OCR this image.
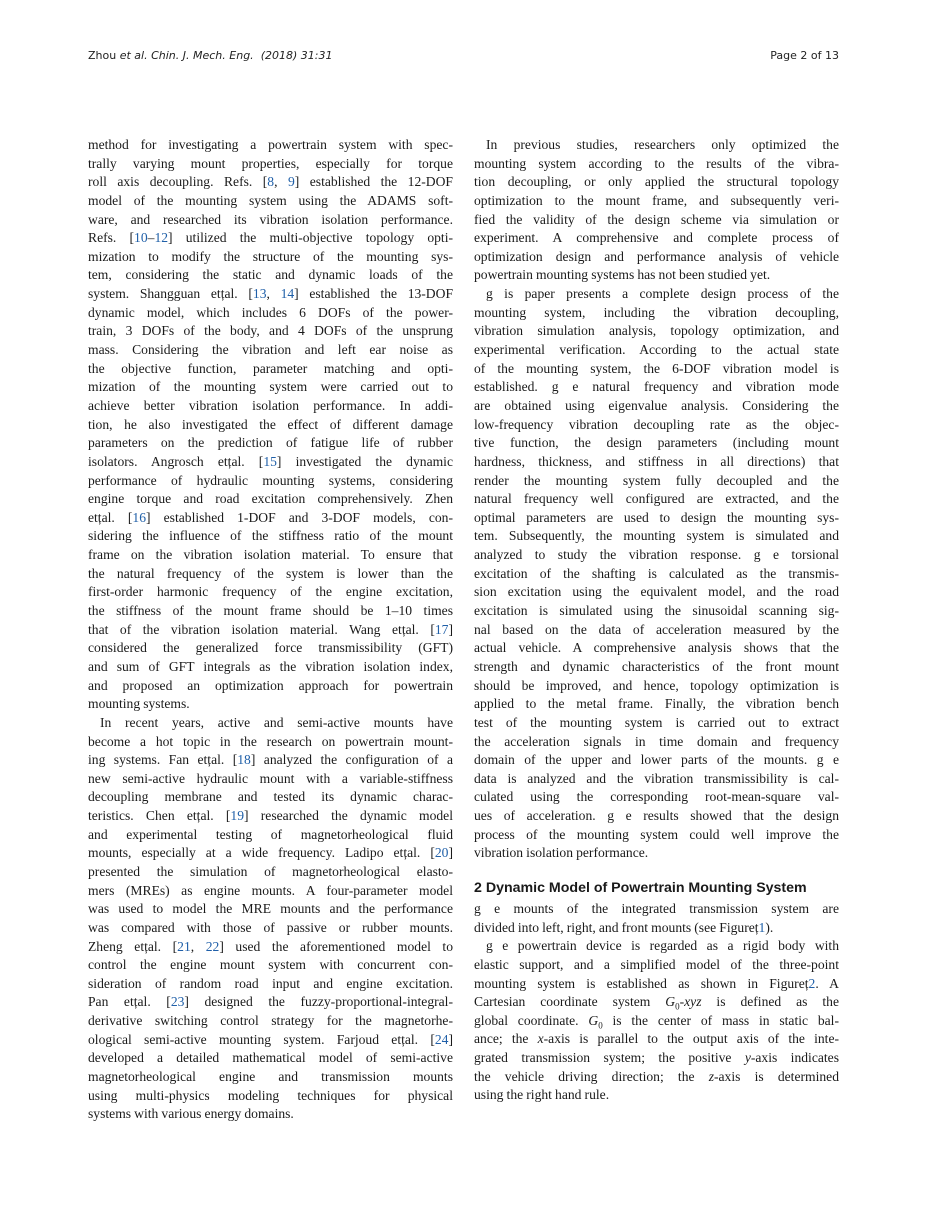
Zhou et al. Chin. J. Mech. Eng. (2018) 31:31	Page 2 of 13
method for investigating a powertrain system with spec-
trally varying mount properties, especially for torque
roll axis decoupling. Refs. [8, 9] established the 12-DOF
model of the mounting system using the ADAMS soft-
ware, and researched its vibration isolation performance.
Refs. [10–12] utilized the multi-objective topology opti-
mization to modify the structure of the mounting sys-
tem, considering the static and dynamic loads of the
system. Shangguan etțal. [13, 14] established the 13-DOF
dynamic model, which includes 6 DOFs of the power-
train, 3 DOFs of the body, and 4 DOFs of the unsprung
mass. Considering the vibration and left ear noise as
the objective function, parameter matching and opti-
mization of the mounting system were carried out to
achieve better vibration isolation performance. In addi-
tion, he also investigated the effect of different damage
parameters on the prediction of fatigue life of rubber
isolators. Angrosch etțal. [15] investigated the dynamic
performance of hydraulic mounting systems, considering
engine torque and road excitation comprehensively. Zhen
etțal. [16] established 1-DOF and 3-DOF models, con-
sidering the influence of the stiffness ratio of the mount
frame on the vibration isolation material. To ensure that
the natural frequency of the system is lower than the
first-order harmonic frequency of the engine excitation,
the stiffness of the mount frame should be 1–10 times
that of the vibration isolation material. Wang etțal. [17]
considered the generalized force transmissibility (GFT)
and sum of GFT integrals as the vibration isolation index,
and proposed an optimization approach for powertrain
mounting systems.
In recent years, active and semi-active mounts have
become a hot topic in the research on powertrain mount-
ing systems. Fan etțal. [18] analyzed the configuration of a
new semi-active hydraulic mount with a variable-stiffness
decoupling membrane and tested its dynamic charac-
teristics. Chen etțal. [19] researched the dynamic model
and experimental testing of magnetorheological fluid
mounts, especially at a wide frequency. Ladipo etțal. [20]
presented the simulation of magnetorheological elasto-
mers (MREs) as engine mounts. A four-parameter model
was used to model the MRE mounts and the performance
was compared with those of passive or rubber mounts.
Zheng etțal. [21, 22] used the aforementioned model to
control the engine mount system with concurrent con-
sideration of random road input and engine excitation.
Pan etțal. [23] designed the fuzzy-proportional-integral-
derivative switching control strategy for the magnetorhe-
ological semi-active mounting system. Farjoud etțal. [24]
developed a detailed mathematical model of semi-active
magnetorheological engine and transmission mounts
using multi-physics modeling techniques for physical
systems with various energy domains.
In previous studies, researchers only optimized the
mounting system according to the results of the vibra-
tion decoupling, or only applied the structural topology
optimization to the mount frame, and subsequently veri-
fied the validity of the design scheme via simulation or
experiment. A comprehensive and complete process of
optimization design and performance analysis of vehicle
powertrain mounting systems has not been studied yet.
g is paper presents a complete design process of the
mounting system, including the vibration decoupling,
vibration simulation analysis, topology optimization, and
experimental verification. According to the actual state
of the mounting system, the 6-DOF vibration model is
established. g e natural frequency and vibration mode
are obtained using eigenvalue analysis. Considering the
low-frequency vibration decoupling rate as the objec-
tive function, the design parameters (including mount
hardness, thickness, and stiffness in all directions) that
render the mounting system fully decoupled and the
natural frequency well configured are extracted, and the
optimal parameters are used to design the mounting sys-
tem. Subsequently, the mounting system is simulated and
analyzed to study the vibration response. g e torsional
excitation of the shafting is calculated as the transmis-
sion excitation using the equivalent model, and the road
excitation is simulated using the sinusoidal scanning sig-
nal based on the data of acceleration measured by the
actual vehicle. A comprehensive analysis shows that the
strength and dynamic characteristics of the front mount
should be improved, and hence, topology optimization is
applied to the metal frame. Finally, the vibration bench
test of the mounting system is carried out to extract
the acceleration signals in time domain and frequency
domain of the upper and lower parts of the mounts. g e
data is analyzed and the vibration transmissibility is cal-
culated using the corresponding root-mean-square val-
ues of acceleration. g e results showed that the design
process of the mounting system could well improve the
vibration isolation performance.
2 Dynamic Model of Powertrain Mounting System
g e mounts of the integrated transmission system are
divided into left, right, and front mounts (see Figureț1).
g e powertrain device is regarded as a rigid body with
elastic support, and a simplified model of the three-point
mounting system is established as shown in Figureț2. A
Cartesian coordinate system $G_0$-xyz is defined as the
global coordinate. $G_0$ is the center of mass in static bal-
ance; the x-axis is parallel to the output axis of the inte-
grated transmission system; the positive y-axis indicates
the vehicle driving direction; the z-axis is determined
using the right hand rule.
